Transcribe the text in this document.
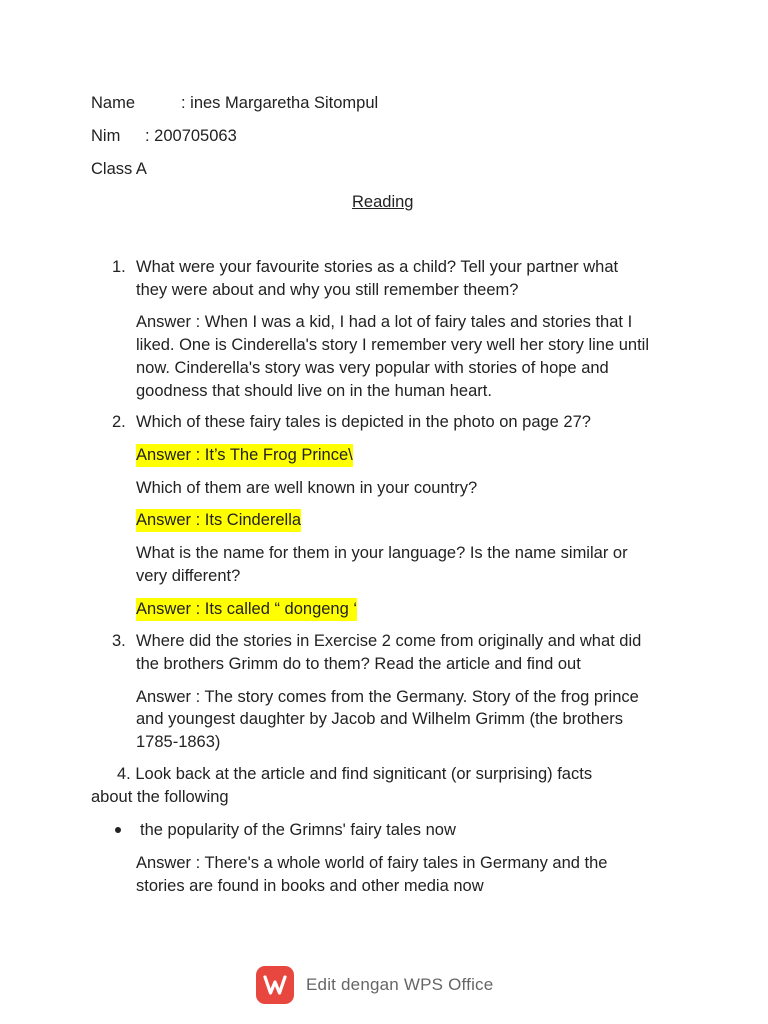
Name	: ines Margaretha Sitompul
Nim : 200705063
Class A
Reading
1. What were your favourite stories as a child? Tell your partner what
they were about and why you still remember theem?
Answer : When I was a kid, I had a lot of fairy tales and stories that I
liked. One is Cinderella's story I remember very well her story line until
now. Cinderella's story was very popular with stories of hope and
goodness that should live on in the human heart.
2. Which of these fairy tales is depicted in the photo on page 27?
Answer : It’s The Frog Prince\
Which of them are well known in your country?
Answer : Its Cinderella
What is the name for them in your language? Is the name similar or
very different?
Answer : Its called “ dongeng ‘
3. Where did the stories in Exercise 2 come from originally and what did
the brothers Grimm do to them? Read the article and find out
Answer : The story comes from the Germany. Story of the frog prince
and youngest daughter by Jacob and Wilhelm Grimm (the brothers
1785-1863)
4. Look back at the article and find signiticant (or surprising) facts
about the following
the popularity of the Grimns' fairy tales now
Answer : There's a whole world of fairy tales in Germany and the
stories are found in books and other media now
Edit dengan WPS Office
